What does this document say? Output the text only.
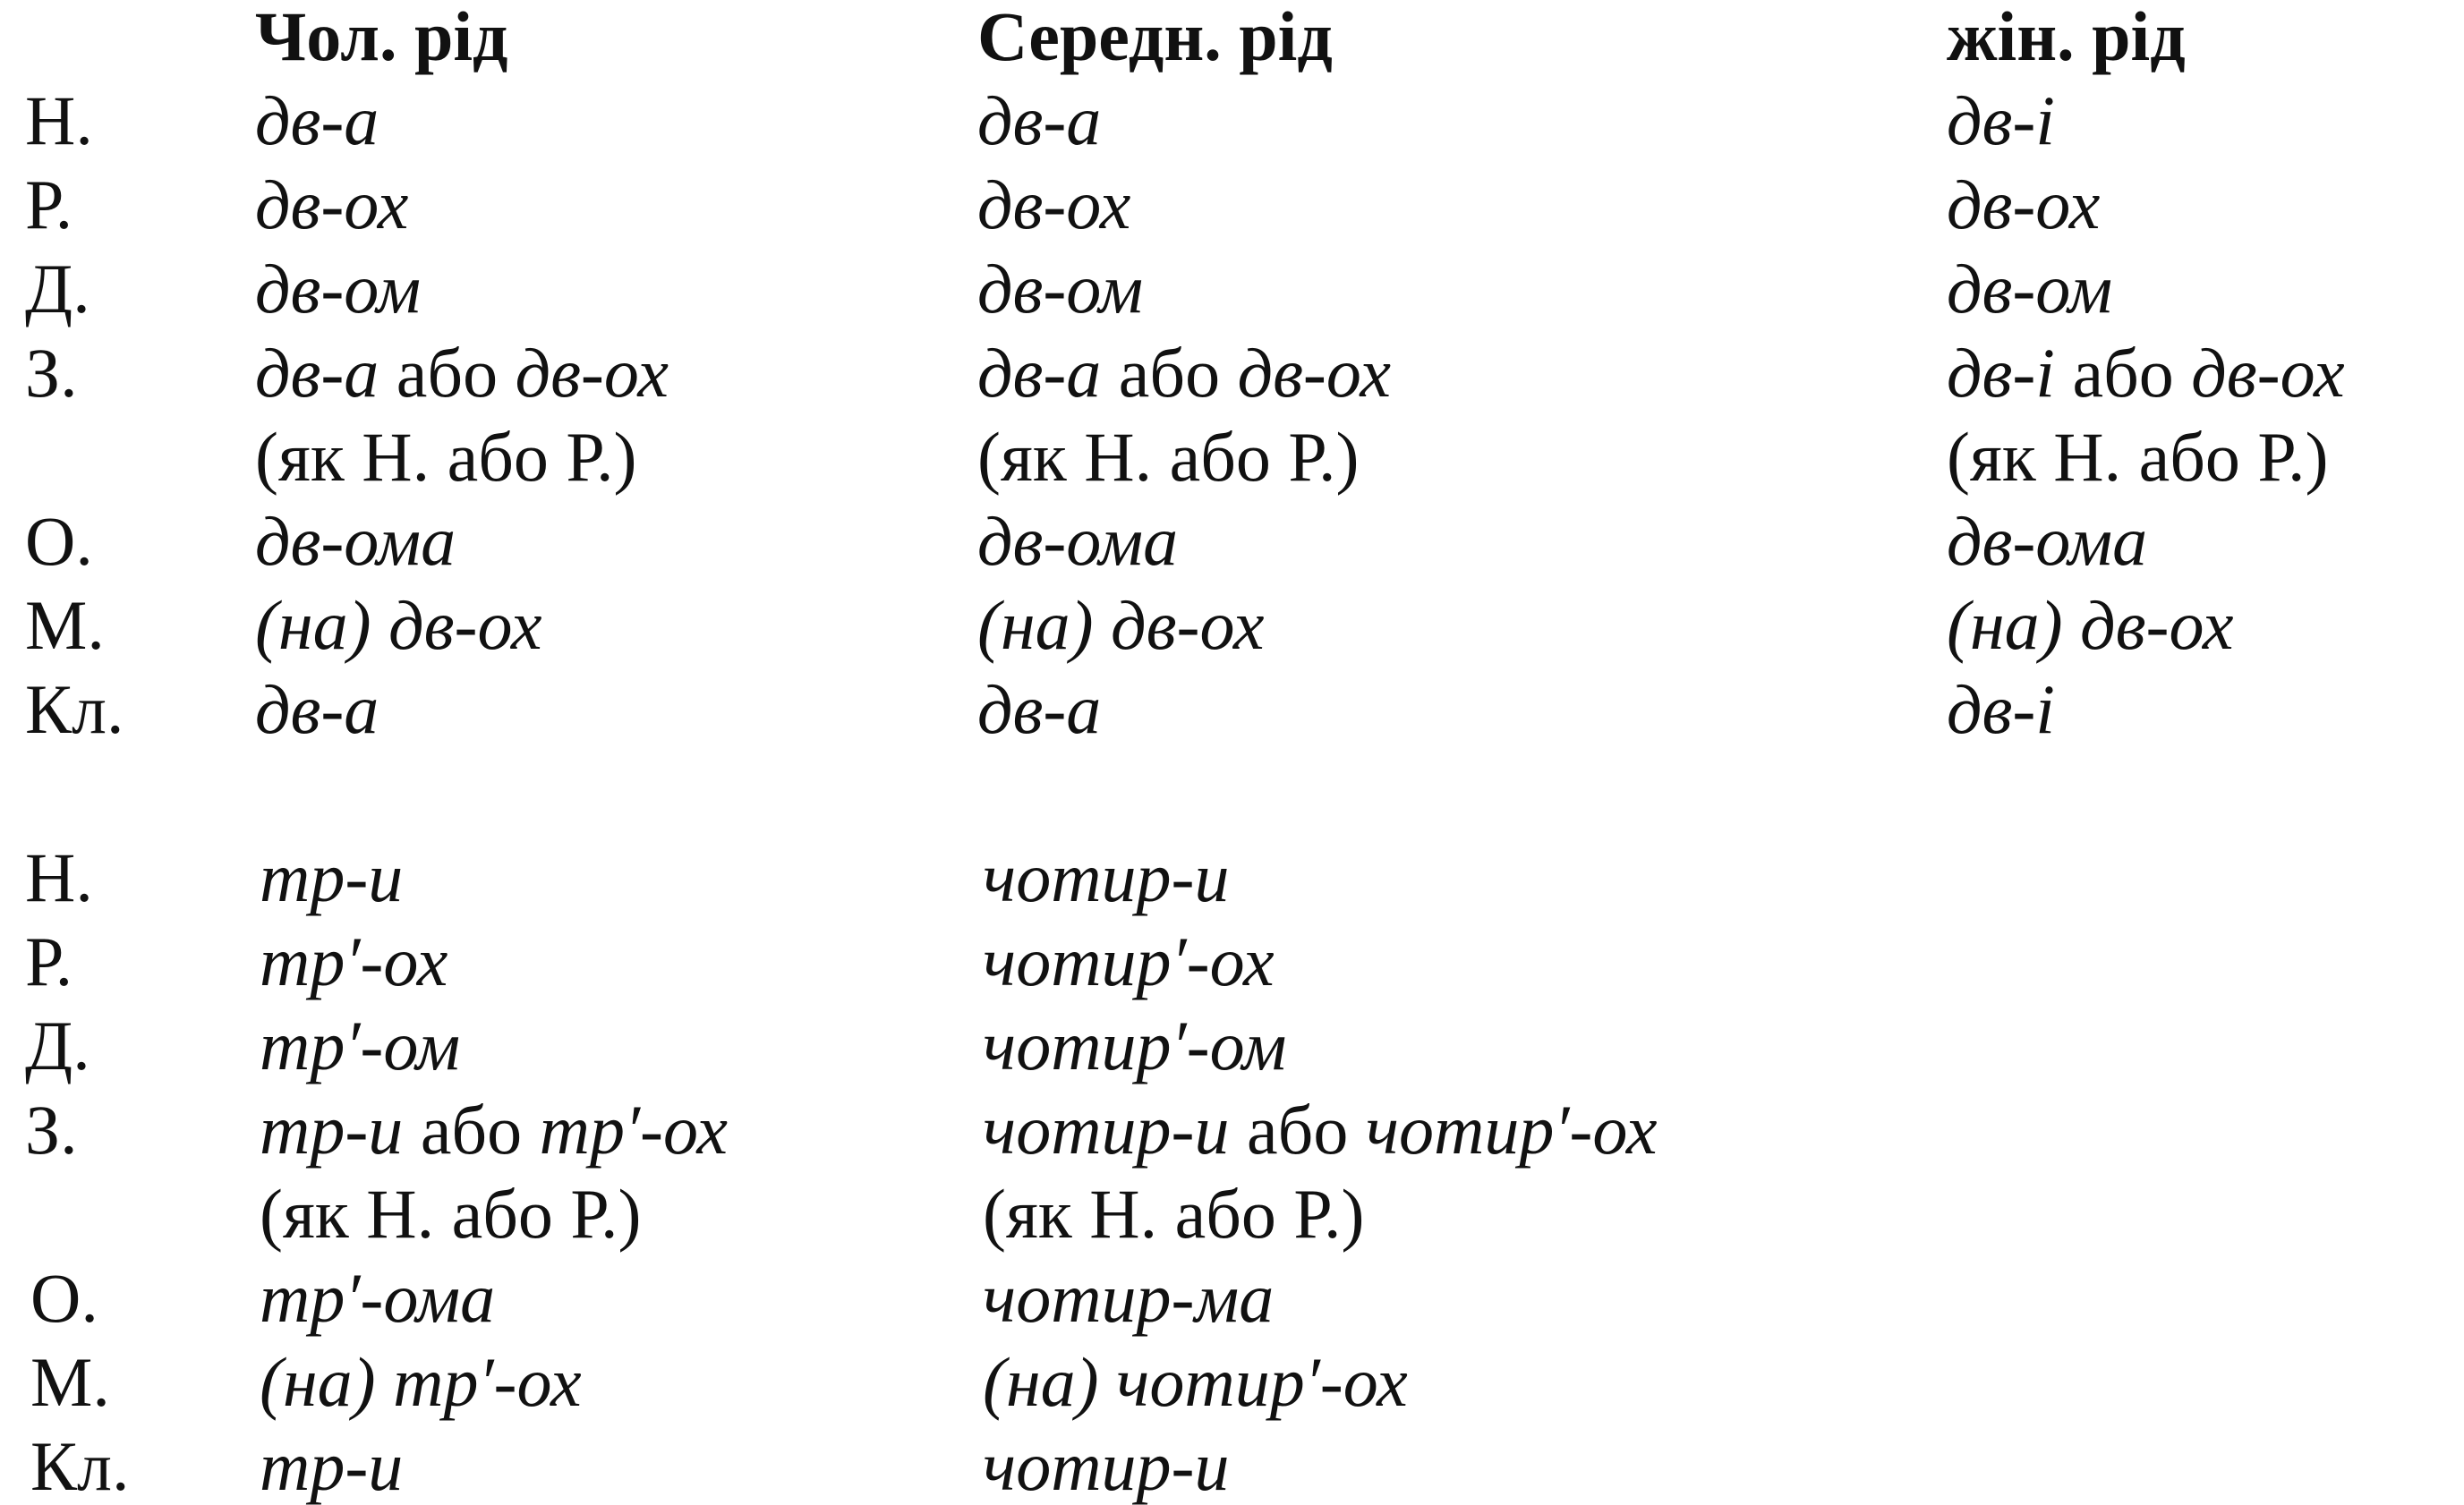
Чол. рід	Середн. рід	жін. рід
Н.
Р.
Д.
З.
О.
М.
Кл.
дв-а
дв-ох
дв-ом
дв-а або дв-ох
(як Н. або Р.)
дв-ома
(на) дв-ох
дв-а
дв-а
дв-ох
дв-ом
дв-а або дв-ох
(як Н. або Р.)
дв-ома
(на) дв-ох
дв-а
дв-і
дв-ох
дв-ом
дв-і або дв-ох
(як Н. або Р.)
дв-ома
(на) дв-ох
дв-і
Н.
Р.
Д.
З.
О.
М.
Кл.
тр-и
тр′-ох
тр′-ом
тр-и або тр′-ох
(як Н. або Р.)
тр′-ома
(на) тр′-ох
тр-и
чотир-и
чотир′-ох
чотир′-ом
чотир-и або чотир′-ох
(як Н. або Р.)
чотир-ма
(на) чотир′-ох
чотир-и
